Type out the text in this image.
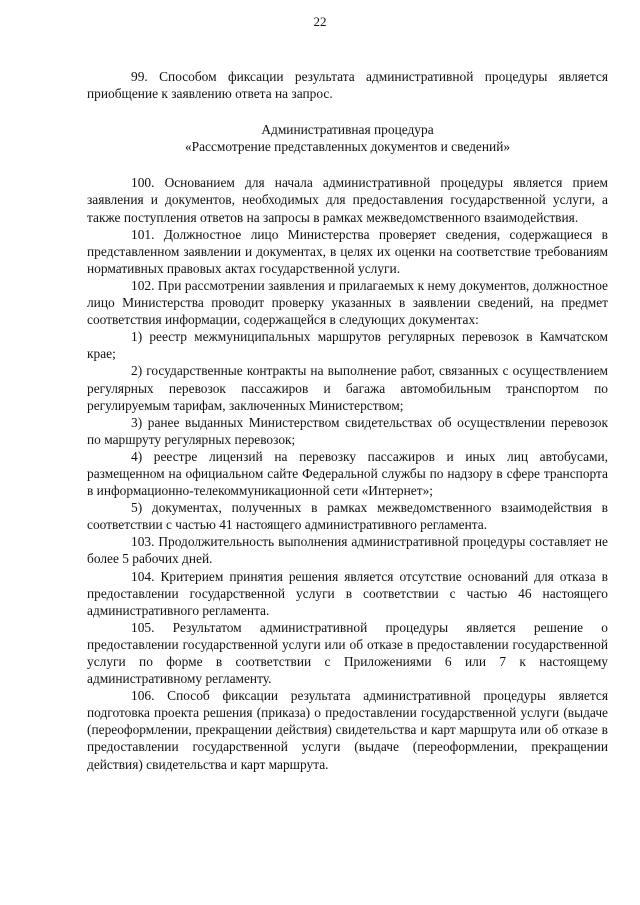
22

99. Способом фиксации результата административной процедуры является приобщение к заявлению ответа на запрос.

Административная процедура

«Рассмотрение представленных документов и сведений»

100. Основанием для начала административной процедуры является прием заявления и документов, необходимых для предоставления государственной услуги, а также поступления ответов на запросы в рамках межведомственного взаимодействия.

101. Должностное лицо Министерства проверяет сведения, содержащиеся в представленном заявлении и документах, в целях их оценки на соответствие требованиям нормативных правовых актах государственной услуги.

102. При рассмотрении заявления и прилагаемых к нему документов, должностное лицо Министерства проводит проверку указанных в заявлении сведений, на предмет соответствия информации, содержащейся в следующих документах:

1) реестр межмуниципальных маршрутов регулярных перевозок в Камчатском крае;

2) государственные контракты на выполнение работ, связанных с осуществлением регулярных перевозок пассажиров и багажа автомобильным транспортом по регулируемым тарифам, заключенных Министерством;

3) ранее выданных Министерством свидетельствах об осуществлении перевозок по маршруту регулярных перевозок;

4) реестре лицензий на перевозку пассажиров и иных лиц автобусами, размещенном на официальном сайте Федеральной службы по надзору в сфере транспорта в информационно-телекоммуникационной сети «Интернет»;

5) документах, полученных в рамках межведомственного взаимодействия в соответствии с частью 41 настоящего административного регламента.

103. Продолжительность выполнения административной процедуры составляет не более 5 рабочих дней.

104. Критерием принятия решения является отсутствие оснований для отказа в предоставлении государственной услуги в соответствии с частью 46 настоящего административного регламента.

105. Результатом административной процедуры является решение о предоставлении государственной услуги или об отказе в предоставлении государственной услуги по форме в соответствии с Приложениями 6 или 7 к настоящему административному регламенту.

106. Способ фиксации результата административной процедуры является подготовка проекта решения (приказа) о предоставлении государственной услуги (выдаче (переоформлении, прекращении действия) свидетельства и карт маршрута или об отказе в предоставлении государственной услуги (выдаче (переоформлении, прекращении действия) свидетельства и карт маршрута.
